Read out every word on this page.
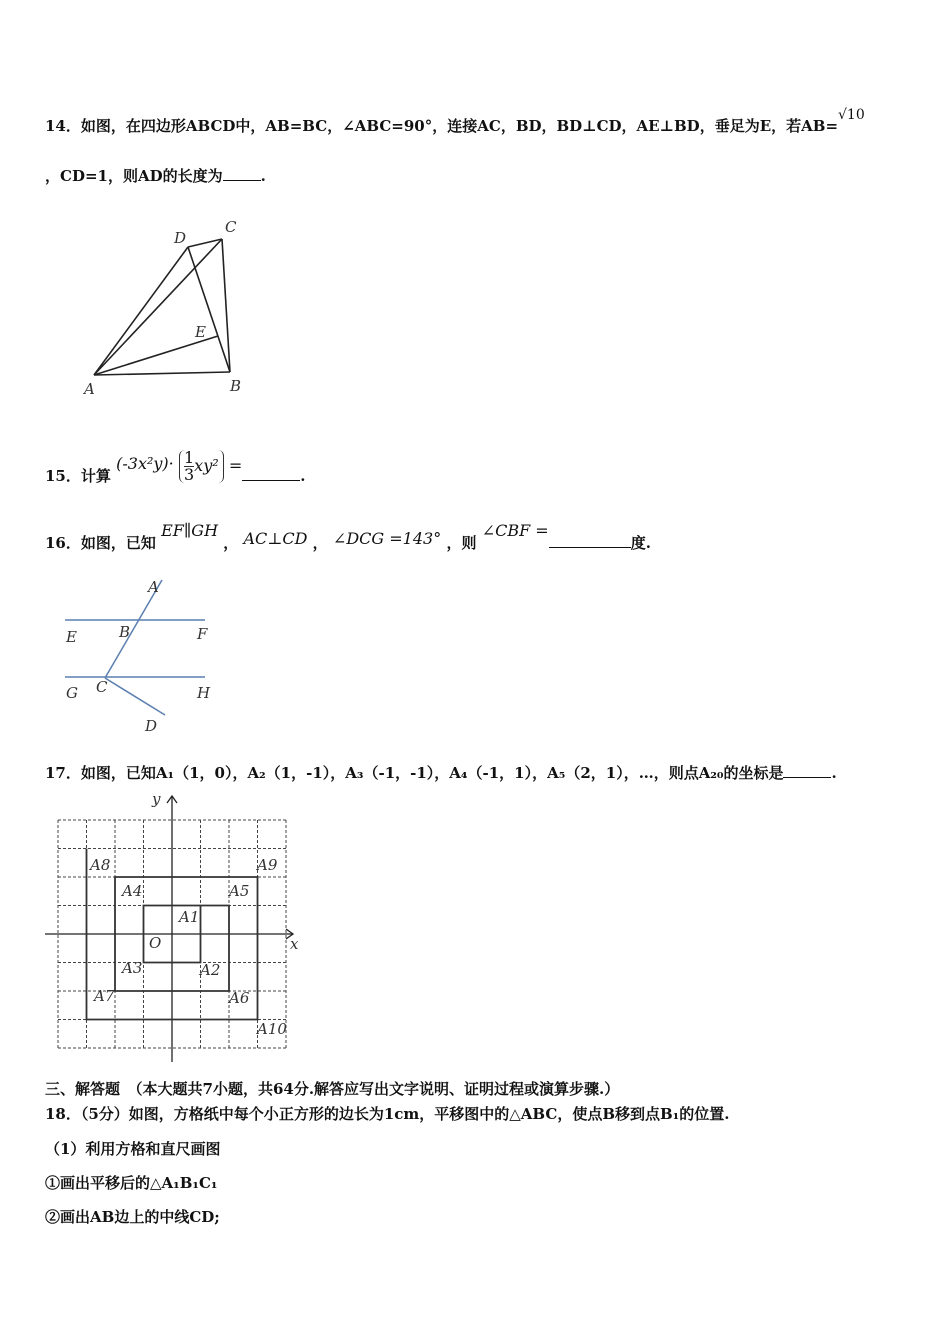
14．如图，在四边形ABCD中，AB=BC，∠ABC=90°，连接AC，BD，BD⊥CD，AE⊥BD，垂足为E，若AB=√10
，CD=1，则AD的长度为	.
D
C
E
A	B
15．计算 $(-3x^2y)\cdot \frac{1}{3} xy^2$ =.
16．如图，已知 EF∥GH ， AC⊥CD ， ∠DCG =143° ，则 ∠CBF =度.
A
B
C
D
E	F
G	H
17．如图，已知A₁（1，0），A₂（1，-1），A₃（-1，-1），A₄（-1，1），A₅（2，1），…，则点A₂₀的坐标是	.
y
x
O
A1
A2
A3
A4	A5
A6
A7
A8	A9
A10
三、解答题　（本大题共7小题，共64分.解答应写出文字说明、证明过程或演算步骤.）
18．（5分）如图，方格纸中每个小正方形的边长为1cm，平移图中的△ABC，使点B移到点B₁的位置.
（1）利用方格和直尺画图
①画出平移后的△A₁B₁C₁
②画出AB边上的中线CD;
